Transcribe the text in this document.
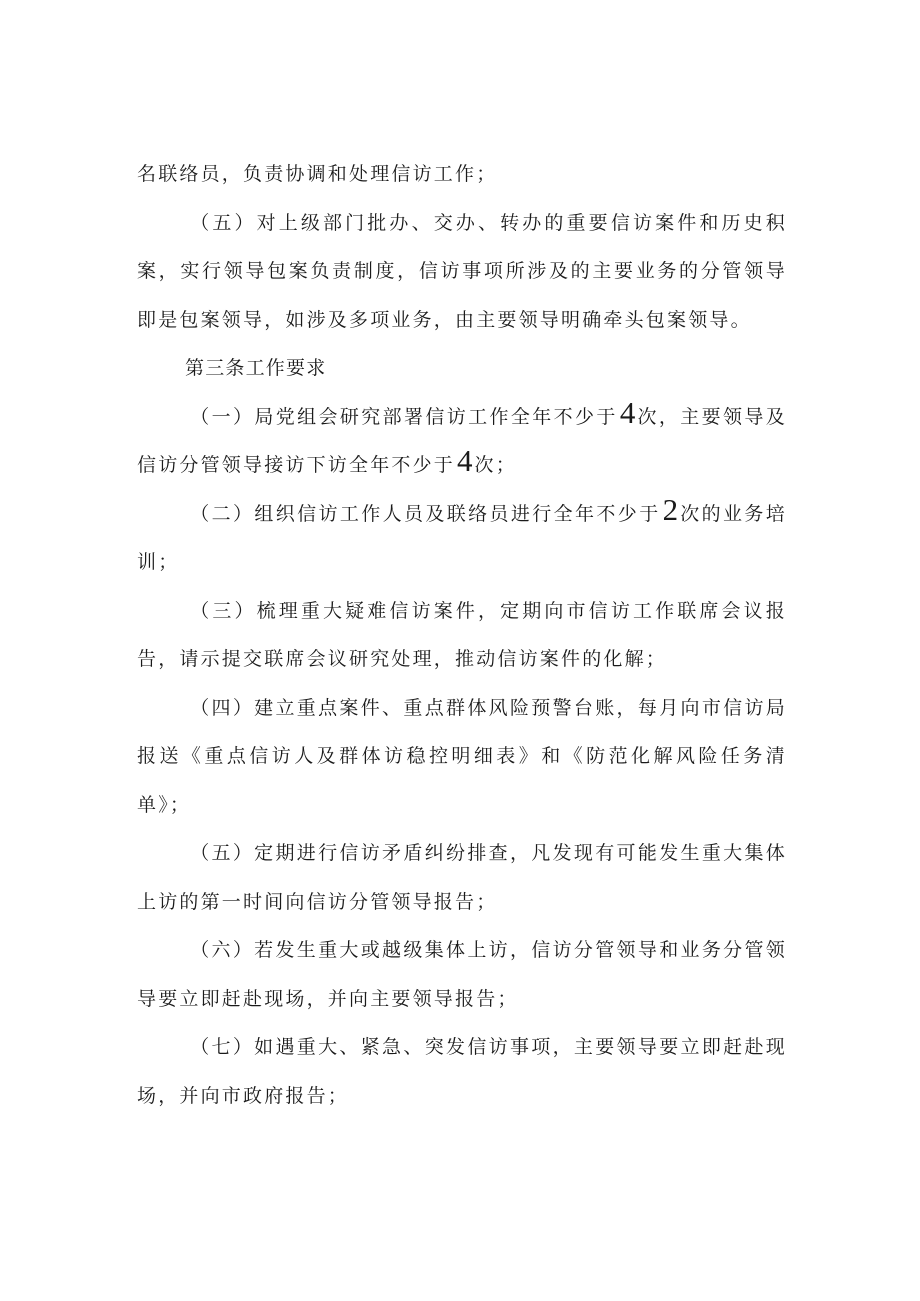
名联络员，负责协调和处理信访工作；

（五）对上级部门批办、交办、转办的重要信访案件和历史积案，实行领导包案负责制度，信访事项所涉及的主要业务的分管领导即是包案领导，如涉及多项业务，由主要领导明确牵头包案领导。

第三条工作要求

（一）局党组会研究部署信访工作全年不少于4 次，主要领导及信访分管领导接访下访全年不少于4 次；

（二）组织信访工作人员及联络员进行全年不少于2 次的业务培训；

（三）梳理重大疑难信访案件，定期向市信访工作联席会议报告，请示提交联席会议研究处理，推动信访案件的化解；

（四）建立重点案件、重点群体风险预警台账，每月向市信访局报送《重点信访人及群体访稳控明细表》和《防范化解风险任务清单》；

（五）定期进行信访矛盾纠纷排查，凡发现有可能发生重大集体上访的第一时间向信访分管领导报告；

（六）若发生重大或越级集体上访，信访分管领导和业务分管领导要立即赶赴现场，并向主要领导报告；

（七）如遇重大、紧急、突发信访事项，主要领导要立即赶赴现场，并向市政府报告；
